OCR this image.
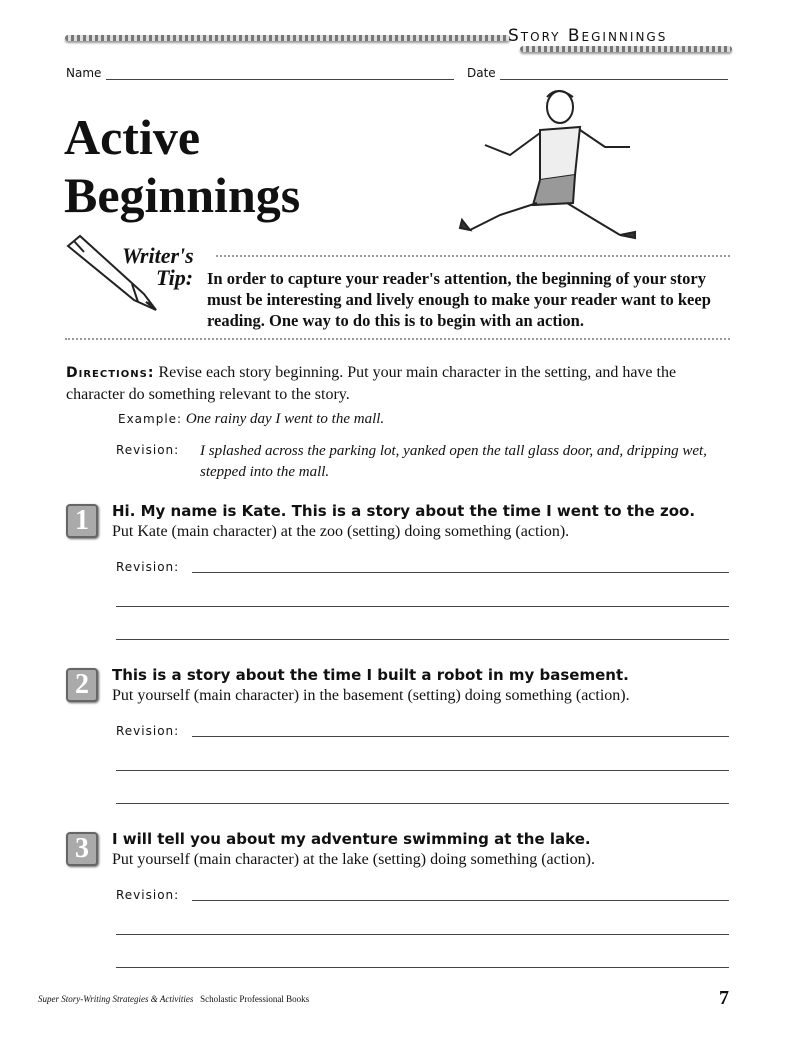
Story Beginnings
Name	Date
Active
Beginnings
Writer's
Tip: In order to capture your reader's attention, the beginning of your story must be interesting and lively enough to make your reader want to keep reading. One way to do this is to begin with an action.
Directions: Revise each story beginning. Put your main character in the setting, and have the character do something relevant to the story.
Example: One rainy day I went to the mall.
Revision: I splashed across the parking lot, yanked open the tall glass door, and, dripping wet, stepped into the mall.
1	Hi. My name is Kate. This is a story about the time I went to the zoo.
Put Kate (main character) at the zoo (setting) doing something (action).
Revision:
2	This is a story about the time I built a robot in my basement.
Put yourself (main character) in the basement (setting) doing something (action).
Revision:
3	I will tell you about my adventure swimming at the lake.
Put yourself (main character) at the lake (setting) doing something (action).
Revision:
Super Story-Writing Strategies & Activities Scholastic Professional Books	7
